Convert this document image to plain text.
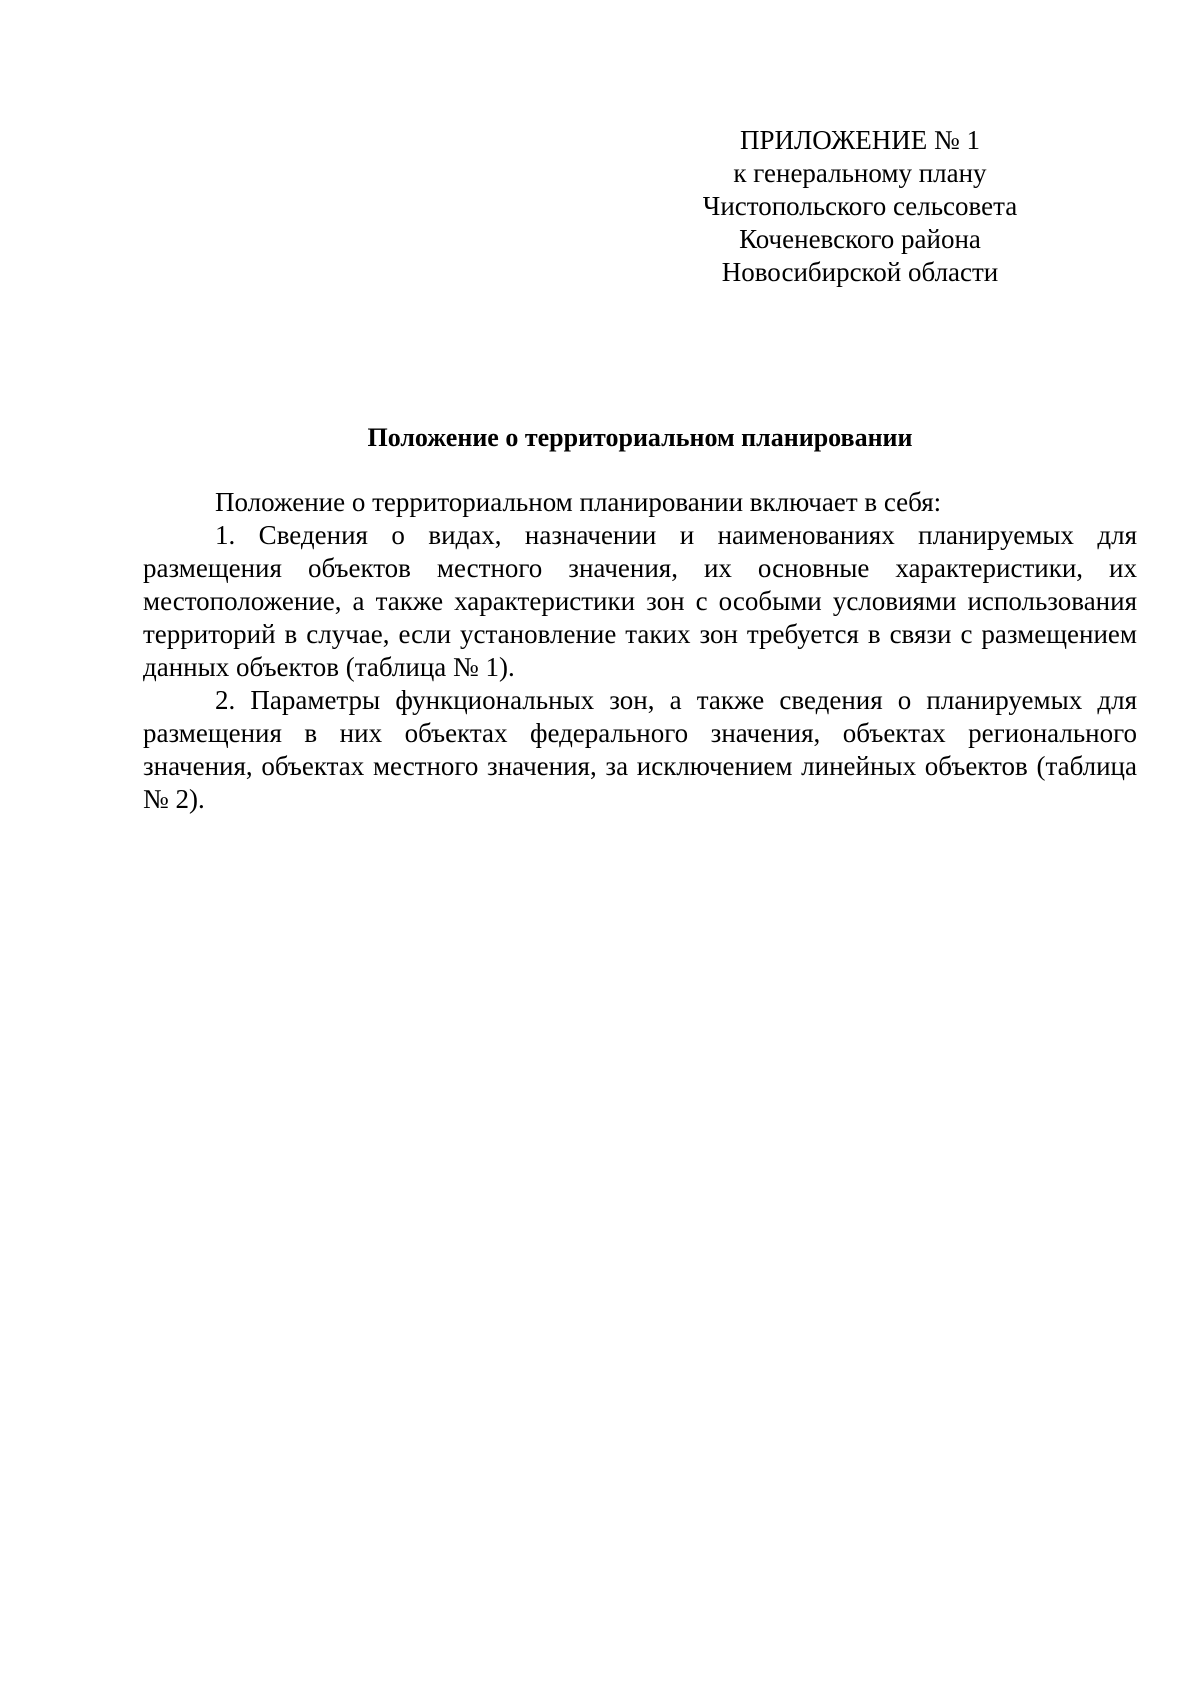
ПРИЛОЖЕНИЕ № 1
к генеральному плану
Чистопольского сельсовета
Коченевского района
Новосибирской области
Положение о территориальном планировании

Положение о территориальном планировании включает в себя:

1. Сведения о видах, назначении и наименованиях планируемых для размещения объектов местного значения, их основные характеристики, их местоположение, а также характеристики зон с особыми условиями использования территорий в случае, если установление таких зон требуется в связи с размещением данных объектов (таблица № 1).

2. Параметры функциональных зон, а также сведения о планируемых для размещения в них объектах федерального значения, объектах регионального значения, объектах местного значения, за исключением линейных объектов (таблица № 2).
